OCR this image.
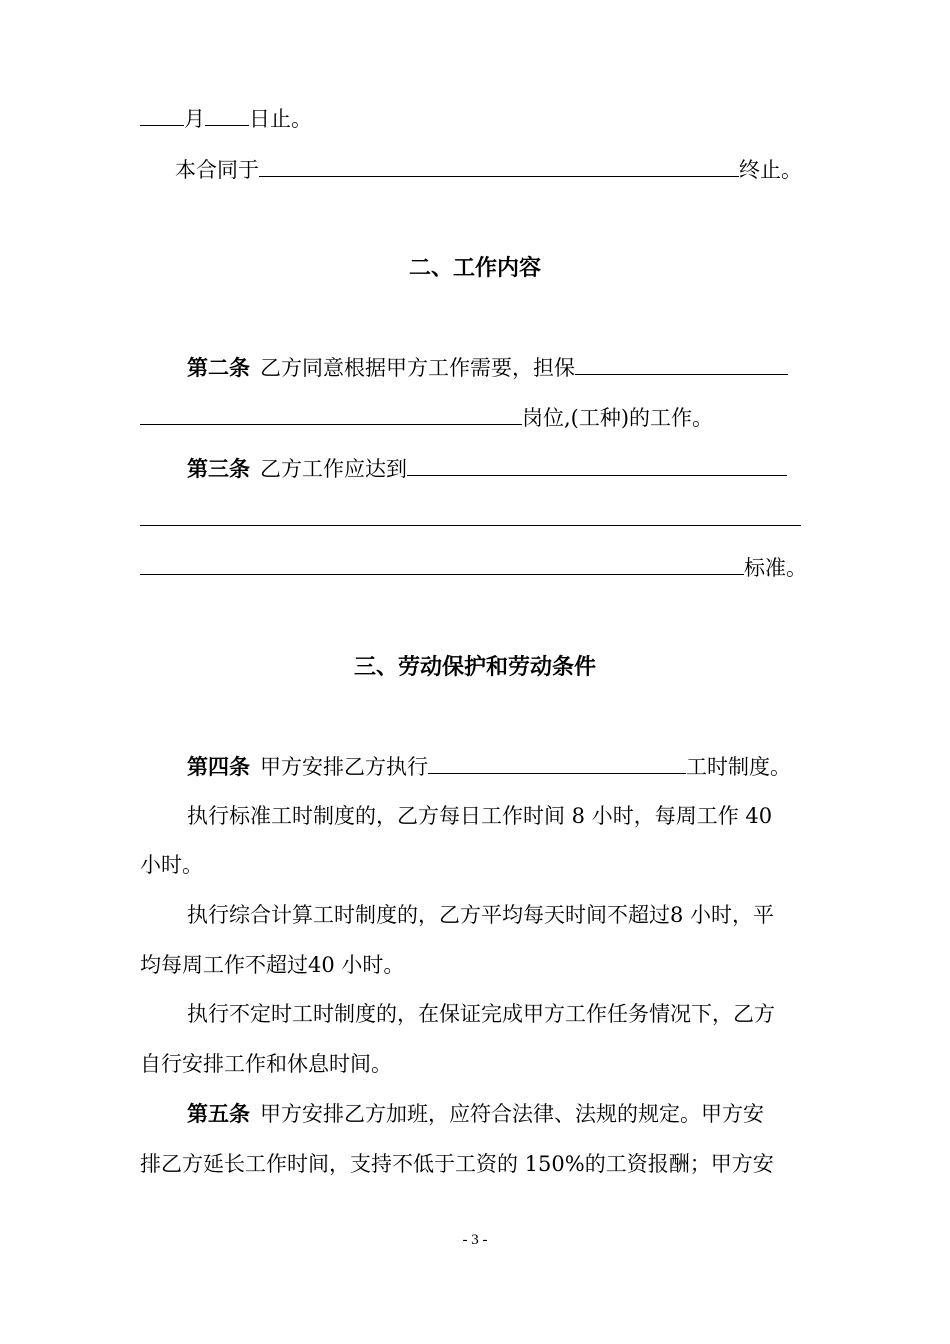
月 日止。
本合同于	终止。
二、工作内容
第二条 乙方同意根据甲方工作需要，担保
岗位,(工种)的工作。
第三条 乙方工作应达到
标准。
三、劳动保护和劳动条件
第四条 甲方安排乙方执行	工时制度。
执行标准工时制度的，乙方每日工作时间 8 小时，每周工作 40
小时。
执行综合计算工时制度的，乙方平均每天时间不超过8 小时，平
均每周工作不超过40 小时。
执行不定时工时制度的，在保证完成甲方工作任务情况下，乙方
自行安排工作和休息时间。
第五条 甲方安排乙方加班，应符合法律、法规的规定。甲方安
排乙方延长工作时间，支持不低于工资的 150%的工资报酬；甲方安
- 3 -
